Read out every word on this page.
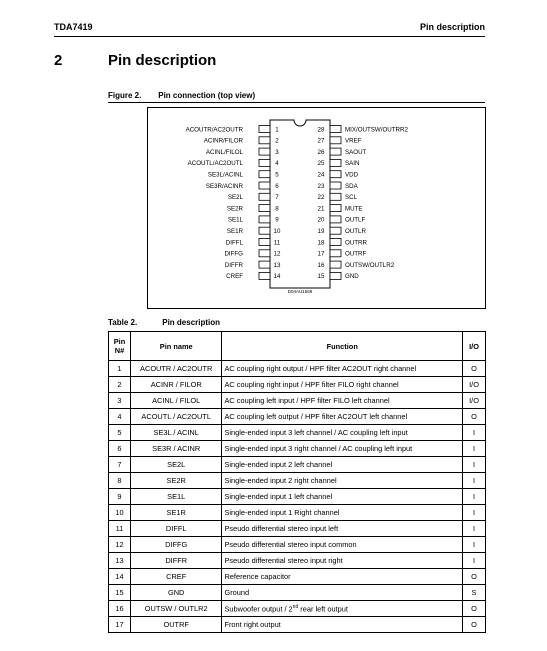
TDA7419	Pin description
2	Pin description
Figure 2. Pin connection (top view)
ACOUTR/AC2OUTR	1
ACINR/FILOR	2
ACINL/FILOL	3
ACOUTL/AC2OUTL	4
SE3L/ACINL	5
SE3R/ACINR	6
SE2L	7
SE2R	8
SE1L	9
SE1R	10
DIFFL	11
DIFFG	12
DIFFR	13
CREF	14
MIX/OUTSW/OUTRR2
28
VREF
27
SAOUT
26
SAIN
25
VDD
24
SDA
23
SCL
22
MUTE
21
OUTLF
20
OUTLR
19
OUTRR
18
OUTRF
17
OUTSW/OUTLR2
16
GND
15
D04AU1568
Table 2.	Pin description
Pin N#	Pin name	Function	I/O
1	ACOUTR / AC2OUTR	AC coupling right output / HPF filter AC2OUT right channel	O
2	ACINR / FILOR	AC coupling right input / HPF filter FILO right channel	I/O
3	ACINL / FILOL	AC coupling left input / HPF filter FILO left channel	I/O
4	ACOUTL / AC2OUTL	AC coupling left output / HPF filter AC2OUT left channel	O
5	SE3L / ACINL	Single-ended input 3 left channel / AC coupling left input	I
6	SE3R / ACINR	Single-ended input 3 right channel / AC coupling left input	I
7	SE2L	Single-ended input 2 left channel	I
8	SE2R	Single-ended input 2 right channel	I
9	SE1L	Single-ended input 1 left channel	I
10	SE1R	Single-ended input 1 Right channel	I
11	DIFFL	Pseudo differential stereo input left	I
12	DIFFG	Pseudo differential stereo input common	I
13	DIFFR	Pseudo differential stereo input right	I
14	CREF	Reference capacitor	O
15	GND	Ground	S
16	OUTSW / OUTLR2	Subwoofer output / 2nd rear left output	O
17	OUTRF	Front right output	O
